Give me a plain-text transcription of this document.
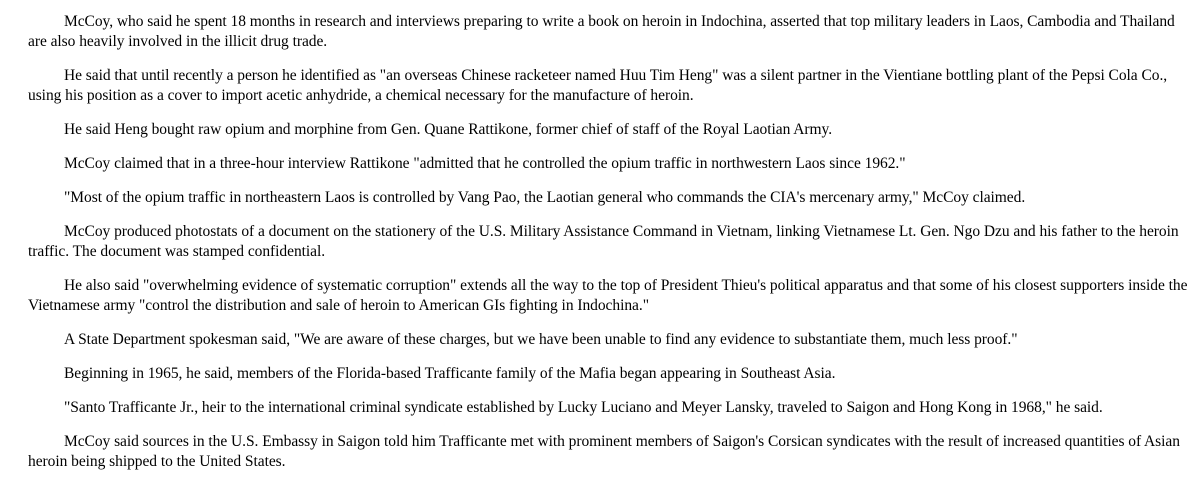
McCoy, who said he spent 18 months in research and interviews preparing to write a book on heroin in Indochina, asserted that top military leaders in Laos, Cambodia and Thailand are also heavily involved in the illicit drug trade.

He said that until recently a person he identified as "an overseas Chinese racketeer named Huu Tim Heng" was a silent partner in the Vientiane bottling plant of the Pepsi Cola Co., using his position as a cover to import acetic anhydride, a chemical necessary for the manufacture of heroin.

He said Heng bought raw opium and morphine from Gen. Quane Rattikone, former chief of staff of the Royal Laotian Army.

McCoy claimed that in a three-hour interview Rattikone "admitted that he controlled the opium traffic in northwestern Laos since 1962."

"Most of the opium traffic in northeastern Laos is controlled by Vang Pao, the Laotian general who commands the CIA's mercenary army," McCoy claimed.

McCoy produced photostats of a document on the stationery of the U.S. Military Assistance Command in Vietnam, linking Vietnamese Lt. Gen. Ngo Dzu and his father to the heroin traffic. The document was stamped confidential.

He also said "overwhelming evidence of systematic corruption" extends all the way to the top of President Thieu's political apparatus and that some of his closest supporters inside the Vietnamese army "control the distribution and sale of heroin to American GIs fighting in Indochina."

A State Department spokesman said, "We are aware of these charges, but we have been unable to find any evidence to substantiate them, much less proof."

Beginning in 1965, he said, members of the Florida-based Trafficante family of the Mafia began appearing in Southeast Asia.

"Santo Trafficante Jr., heir to the international criminal syndicate established by Lucky Luciano and Meyer Lansky, traveled to Saigon and Hong Kong in 1968," he said.

McCoy said sources in the U.S. Embassy in Saigon told him Trafficante met with prominent members of Saigon's Corsican syndicates with the result of increased quantities of Asian heroin being shipped to the United States.
